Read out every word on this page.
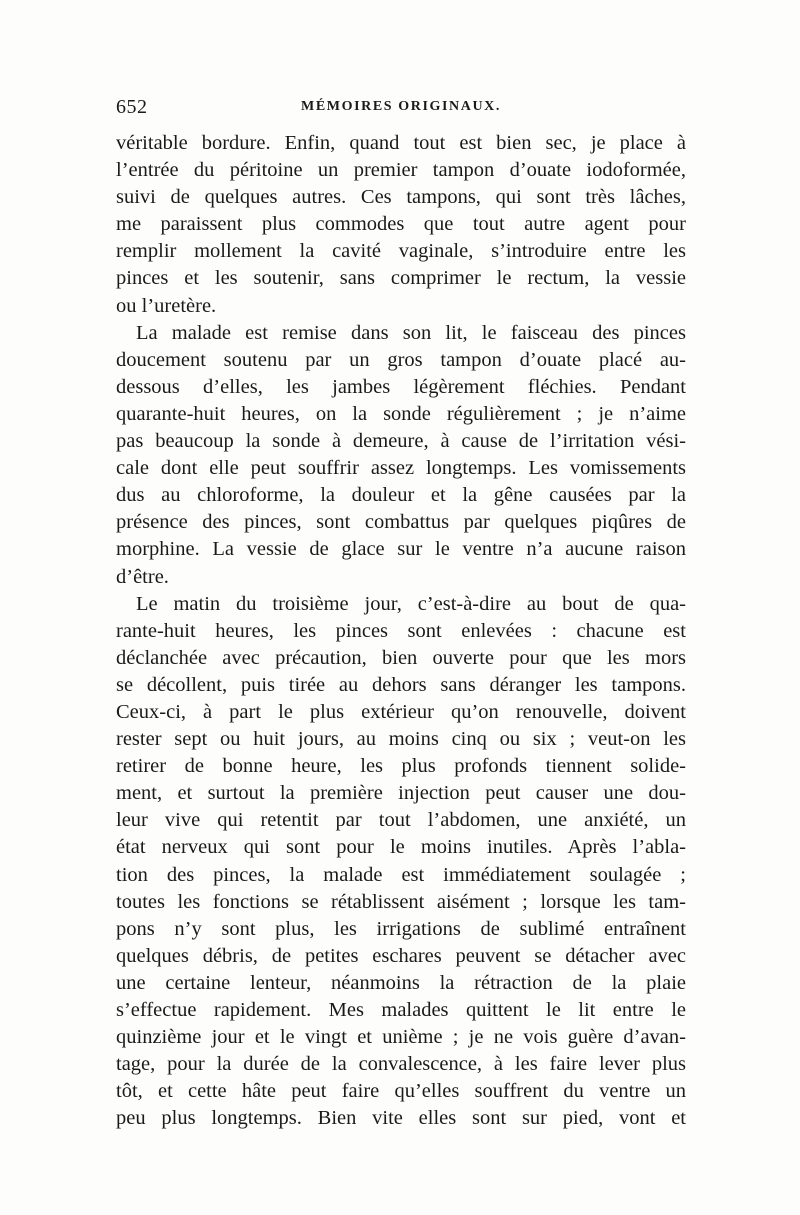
652	MÉMOIRES ORIGINAUX.
véritable bordure. Enfin, quand tout est bien sec, je place à
l’entrée du péritoine un premier tampon d’ouate iodoformée,
suivi de quelques autres. Ces tampons, qui sont très lâches,
me paraissent plus commodes que tout autre agent pour
remplir mollement la cavité vaginale, s’introduire entre les
pinces et les soutenir, sans comprimer le rectum, la vessie
ou l’uretère.
La malade est remise dans son lit, le faisceau des pinces
doucement soutenu par un gros tampon d’ouate placé au-
dessous d’elles, les jambes légèrement fléchies. Pendant
quarante-huit heures, on la sonde régulièrement ; je n’aime
pas beaucoup la sonde à demeure, à cause de l’irritation vési-
cale dont elle peut souffrir assez longtemps. Les vomissements
dus au chloroforme, la douleur et la gêne causées par la
présence des pinces, sont combattus par quelques piqûres de
morphine. La vessie de glace sur le ventre n’a aucune raison
d’être.
Le matin du troisième jour, c’est-à-dire au bout de qua-
rante-huit heures, les pinces sont enlevées : chacune est
déclanchée avec précaution, bien ouverte pour que les mors
se décollent, puis tirée au dehors sans déranger les tampons.
Ceux-ci, à part le plus extérieur qu’on renouvelle, doivent
rester sept ou huit jours, au moins cinq ou six ; veut-on les
retirer de bonne heure, les plus profonds tiennent solide-
ment, et surtout la première injection peut causer une dou-
leur vive qui retentit par tout l’abdomen, une anxiété, un
état nerveux qui sont pour le moins inutiles. Après l’abla-
tion des pinces, la malade est immédiatement soulagée ;
toutes les fonctions se rétablissent aisément ; lorsque les tam-
pons n’y sont plus, les irrigations de sublimé entraînent
quelques débris, de petites eschares peuvent se détacher avec
une certaine lenteur, néanmoins la rétraction de la plaie
s’effectue rapidement. Mes malades quittent le lit entre le
quinzième jour et le vingt et unième ; je ne vois guère d’avan-
tage, pour la durée de la convalescence, à les faire lever plus
tôt, et cette hâte peut faire qu’elles souffrent du ventre un
peu plus longtemps. Bien vite elles sont sur pied, vont et
